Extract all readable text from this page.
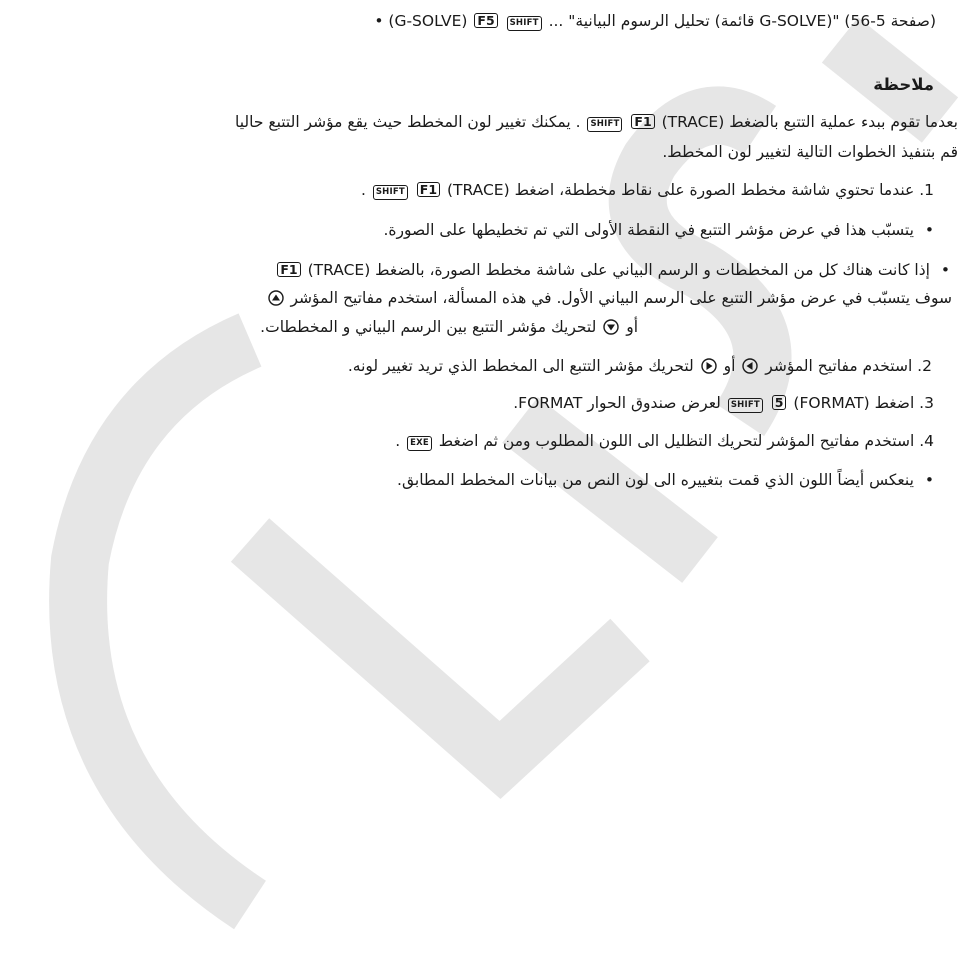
• (G-SOLVE) F5 SHIFT ... "تحليل الرسوم البيانية (قائمة G-SOLVE)" (صفحة 5-56)
ملاحظة
بعدما تقوم ببدء عملية التتبع بالضغط (TRACE) F1 SHIFT . يمكنك تغيير لون المخطط حيث يقع مؤشر التتبع حاليا
قم بتنفيذ الخطوات التالية لتغيير لون المخطط.
1. عندما تحتوي شاشة مخطط الصورة على نقاط مخططة، اضغط (TRACE) F1 SHIFT .
• يتسبّب هذا في عرض مؤشر التتبع في النقطة الأولى التي تم تخطيطها على الصورة.
• إذا كانت هناك كل من المخططات و الرسم البياني على شاشة مخطط الصورة، بالضغط (TRACE) F1
سوف يتسبّب في عرض مؤشر التتبع على الرسم البياني الأول. في هذه المسألة، استخدم مفاتيح المؤشر
أو  لتحريك مؤشر التتبع بين الرسم البياني و المخططات.
2. استخدم مفاتيح المؤشر  أو  لتحريك مؤشر التتبع الى المخطط الذي تريد تغيير لونه.
3. اضغط (FORMAT) 5 SHIFT لعرض صندوق الحوار FORMAT.
4. استخدم مفاتيح المؤشر لتحريك التظليل الى اللون المطلوب ومن ثم اضغط EXE .
• ينعكس أيضاً اللون الذي قمت بتغييره الى لون النص من بيانات المخطط المطابق.
